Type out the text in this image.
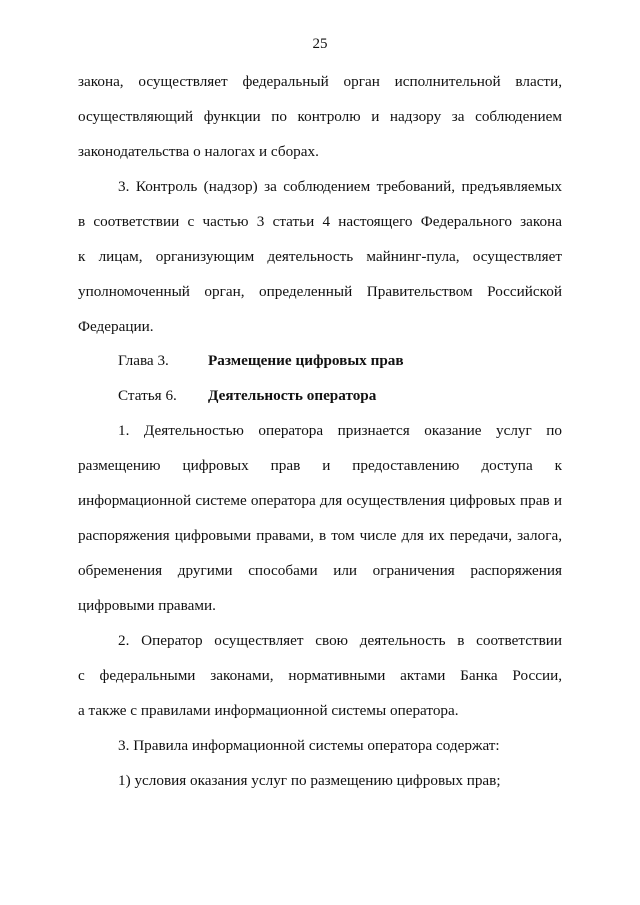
25
закона, осуществляет федеральный орган исполнительной власти,
осуществляющий функции по контролю и надзору за соблюдением
законодательства о налогах и сборах.
3. Контроль (надзор) за соблюдением требований, предъявляемых
в соответствии с частью 3 статьи 4 настоящего Федерального закона
к лицам, организующим деятельность майнинг-пула, осуществляет
уполномоченный орган, определенный Правительством Российской
Федерации.
Глава 3.	Размещение цифровых прав
Статья 6. Деятельность оператора
1. Деятельностью оператора признается оказание услуг по
размещению цифровых прав и предоставлению доступа к
информационной системе оператора для осуществления цифровых прав и
распоряжения цифровыми правами, в том числе для их передачи, залога,
обременения другими способами или ограничения распоряжения
цифровыми правами.
2. Оператор осуществляет свою деятельность в соответствии
с федеральными законами, нормативными актами Банка России,
а также с правилами информационной системы оператора.
3. Правила информационной системы оператора содержат:
1) условия оказания услуг по размещению цифровых прав;
